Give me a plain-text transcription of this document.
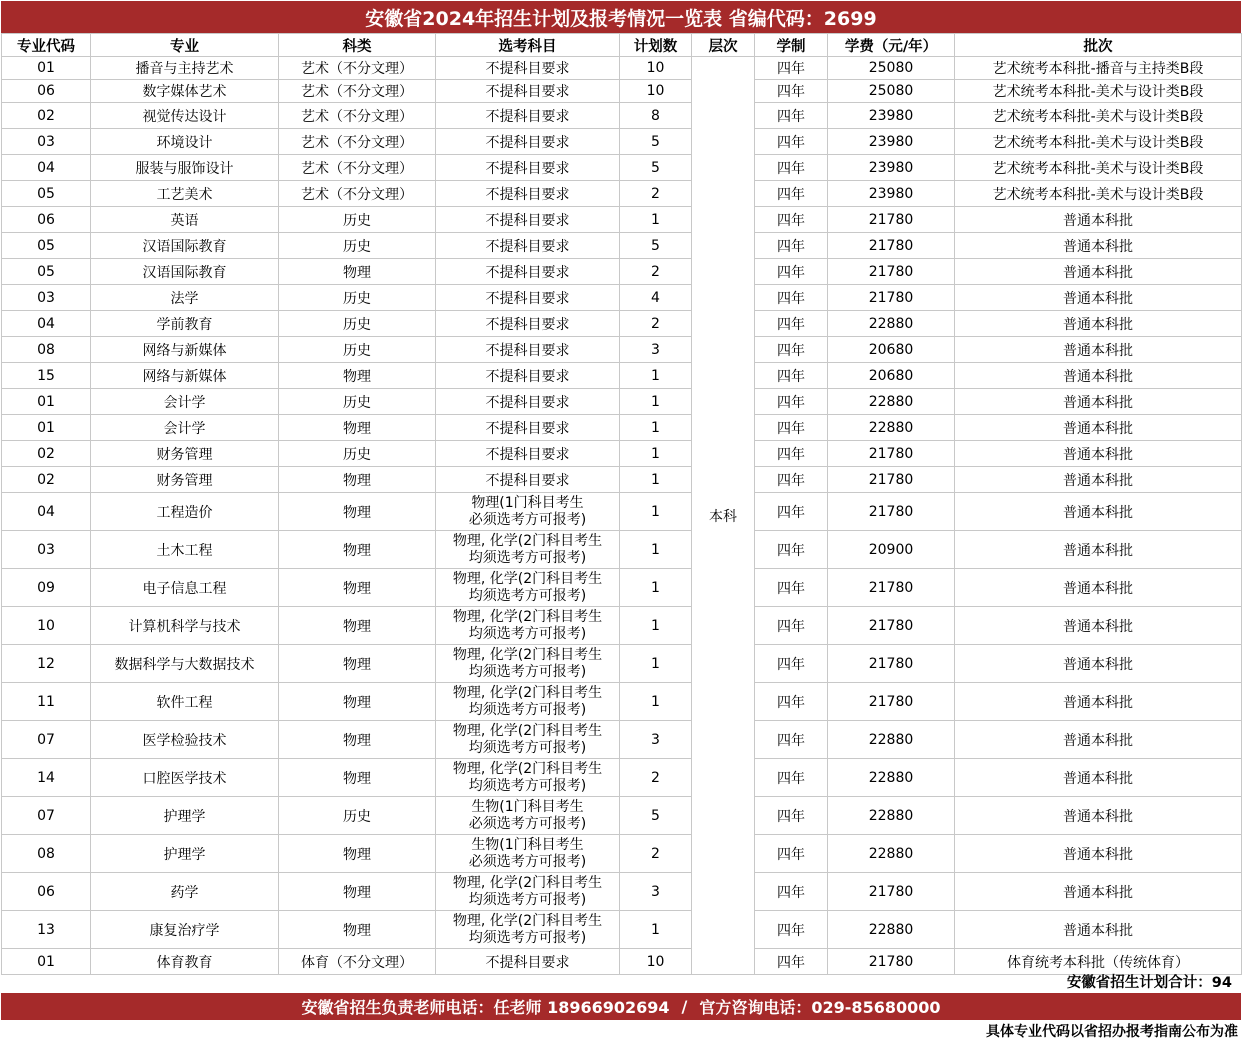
安徽省2024年招生计划及报考情况一览表 省编代码：2699
专业代码	专业	科类	选考科目	计划数	层次	学制	学费（元/年）	批次
01	播音与主持艺术	艺术（不分文理）	不提科目要求	10	本科	四年	25080	艺术统考本科批-播音与主持类B段
06	数字媒体艺术	艺术（不分文理）	不提科目要求	10		四年	25080	艺术统考本科批-美术与设计类B段
02	视觉传达设计	艺术（不分文理）	不提科目要求	8		四年	23980	艺术统考本科批-美术与设计类B段
03	环境设计	艺术（不分文理）	不提科目要求	5		四年	23980	艺术统考本科批-美术与设计类B段
04	服装与服饰设计	艺术（不分文理）	不提科目要求	5		四年	23980	艺术统考本科批-美术与设计类B段
05	工艺美术	艺术（不分文理）	不提科目要求	2		四年	23980	艺术统考本科批-美术与设计类B段
06	英语	历史	不提科目要求	1		四年	21780	普通本科批
05	汉语国际教育	历史	不提科目要求	5		四年	21780	普通本科批
05	汉语国际教育	物理	不提科目要求	2		四年	21780	普通本科批
03	法学	历史	不提科目要求	4		四年	21780	普通本科批
04	学前教育	历史	不提科目要求	2		四年	22880	普通本科批
08	网络与新媒体	历史	不提科目要求	3		四年	20680	普通本科批
15	网络与新媒体	物理	不提科目要求	1		四年	20680	普通本科批
01	会计学	历史	不提科目要求	1		四年	22880	普通本科批
01	会计学	物理	不提科目要求	1		四年	22880	普通本科批
02	财务管理	历史	不提科目要求	1		四年	21780	普通本科批
02	财务管理	物理	不提科目要求	1		四年	21780	普通本科批
04	工程造价	物理	物理(1门科目考生
必须选考方可报考)	1		四年	21780	普通本科批
03	土木工程	物理	物理, 化学(2门科目考生
均须选考方可报考)	1		四年	20900	普通本科批
09	电子信息工程	物理	物理, 化学(2门科目考生
均须选考方可报考)	1		四年	21780	普通本科批
10	计算机科学与技术	物理	物理, 化学(2门科目考生
均须选考方可报考)	1		四年	21780	普通本科批
12	数据科学与大数据技术	物理	物理, 化学(2门科目考生
均须选考方可报考)	1		四年	21780	普通本科批
11	软件工程	物理	物理, 化学(2门科目考生
均须选考方可报考)	1		四年	21780	普通本科批
07	医学检验技术	物理	物理, 化学(2门科目考生
均须选考方可报考)	3		四年	22880	普通本科批
14	口腔医学技术	物理	物理, 化学(2门科目考生
均须选考方可报考)	2		四年	22880	普通本科批
07	护理学	历史	生物(1门科目考生
必须选考方可报考)	5		四年	22880	普通本科批
08	护理学	物理	生物(1门科目考生
必须选考方可报考)	2		四年	22880	普通本科批
06	药学	物理	物理, 化学(2门科目考生
均须选考方可报考)	3		四年	21780	普通本科批
13	康复治疗学	物理	物理, 化学(2门科目考生
均须选考方可报考)	1		四年	22880	普通本科批
01	体育教育	体育（不分文理）	不提科目要求	10		四年	21780	体育统考本科批（传统体育）
安徽省招生计划合计：94
安徽省招生负责老师电话：任老师 18966902694 / 官方咨询电话：029-85680000
具体专业代码以省招办报考指南公布为准
